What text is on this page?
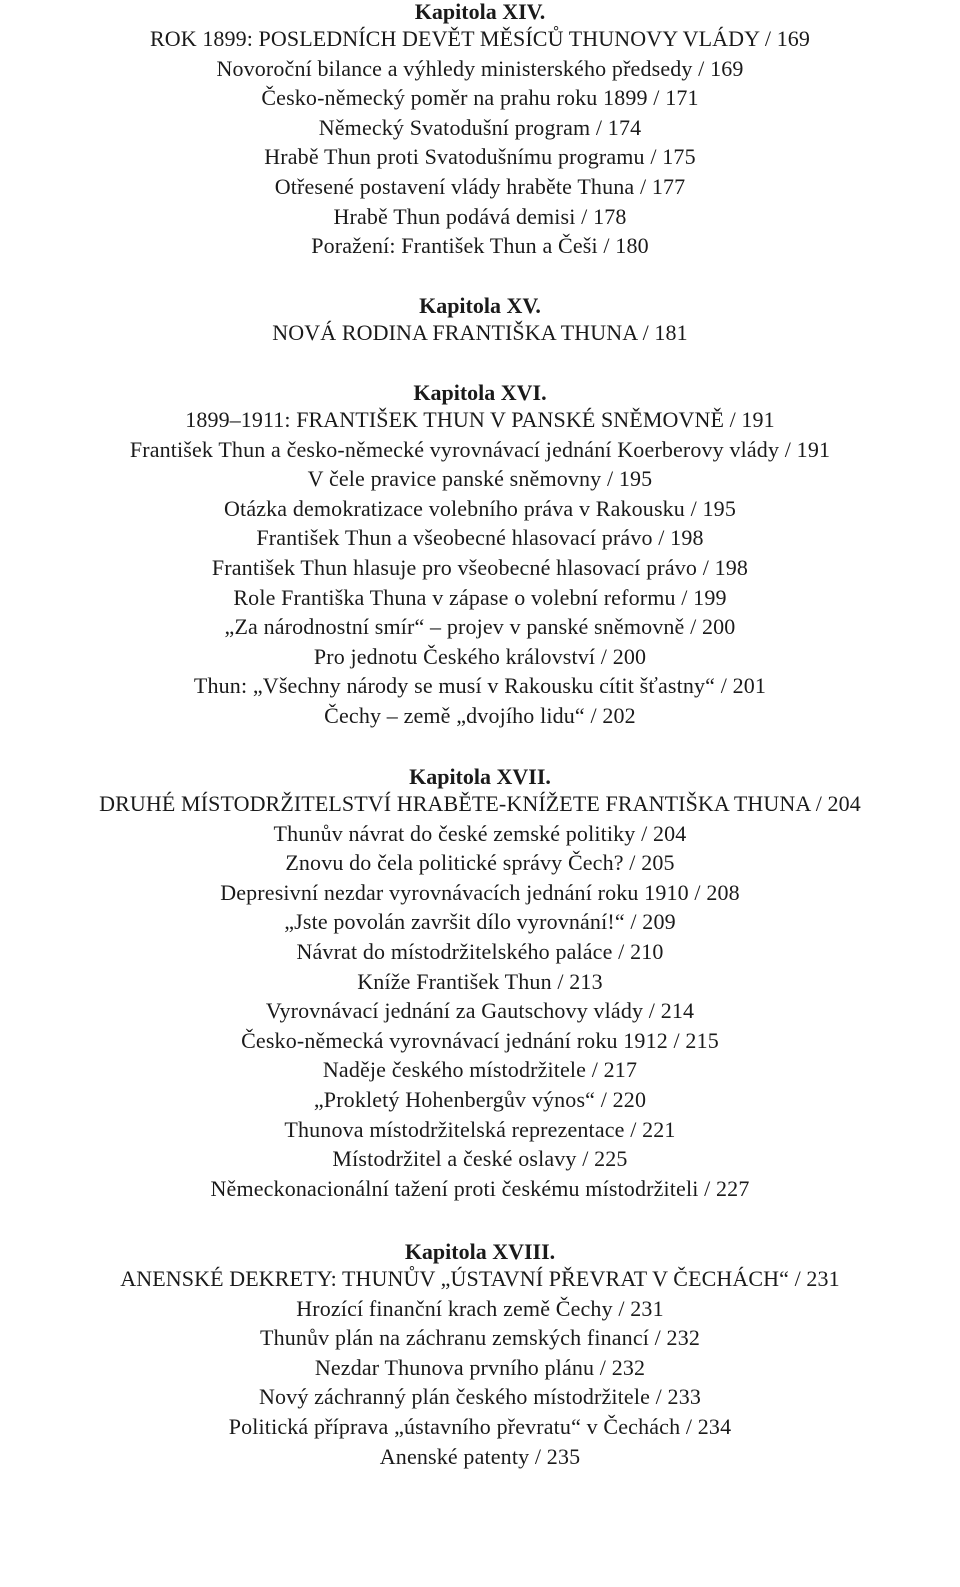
Kapitola XIV.
ROK 1899: POSLEDNÍCH DEVĚT MĚSÍCŮ THUNOVY VLÁDY / 169
Novoroční bilance a výhledy ministerského předsedy / 169
Česko-německý poměr na prahu roku 1899 / 171
Německý Svatodušní program / 174
Hrabě Thun proti Svatodušnímu programu / 175
Otřesené postavení vlády hraběte Thuna / 177
Hrabě Thun podává demisi / 178
Poražení: František Thun a Češi / 180
Kapitola XV.
NOVÁ RODINA FRANTIŠKA THUNA / 181
Kapitola XVI.
1899–1911: FRANTIŠEK THUN V PANSKÉ SNĚMOVNĚ / 191
František Thun a česko-německé vyrovnávací jednání Koerberovy vlády / 191
V čele pravice panské sněmovny / 195
Otázka demokratizace volebního práva v Rakousku / 195
František Thun a všeobecné hlasovací právo / 198
František Thun hlasuje pro všeobecné hlasovací právo / 198
Role Františka Thuna v zápase o volební reformu / 199
„Za národnostní smír“ – projev v panské sněmovně / 200
Pro jednotu Českého království / 200
Thun: „Všechny národy se musí v Rakousku cítit šťastny“ / 201
Čechy – země „dvojího lidu“ / 202
Kapitola XVII.
DRUHÉ MÍSTODRŽITELSTVÍ HRABĚTE-KNÍŽETE FRANTIŠKA THUNA / 204
Thunův návrat do české zemské politiky / 204
Znovu do čela politické správy Čech? / 205
Depresivní nezdar vyrovnávacích jednání roku 1910 / 208
„Jste povolán završit dílo vyrovnání!“ / 209
Návrat do místodržitelského paláce / 210
Kníže František Thun / 213
Vyrovnávací jednání za Gautschovy vlády / 214
Česko-německá vyrovnávací jednání roku 1912 / 215
Naděje českého místodržitele / 217
„Prokletý Hohenbergův výnos“ / 220
Thunova místodržitelská reprezentace / 221
Místodržitel a české oslavy / 225
Německonacionální tažení proti českému místodržiteli / 227
Kapitola XVIII.
ANENSKÉ DEKRETY: THUNŮV „ÚSTAVNÍ PŘEVRAT V ČECHÁCH“ / 231
Hrozící finanční krach země Čechy / 231
Thunův plán na záchranu zemských financí / 232
Nezdar Thunova prvního plánu / 232
Nový záchranný plán českého místodržitele / 233
Politická příprava „ústavního převratu“ v Čechách / 234
Anenské patenty / 235
